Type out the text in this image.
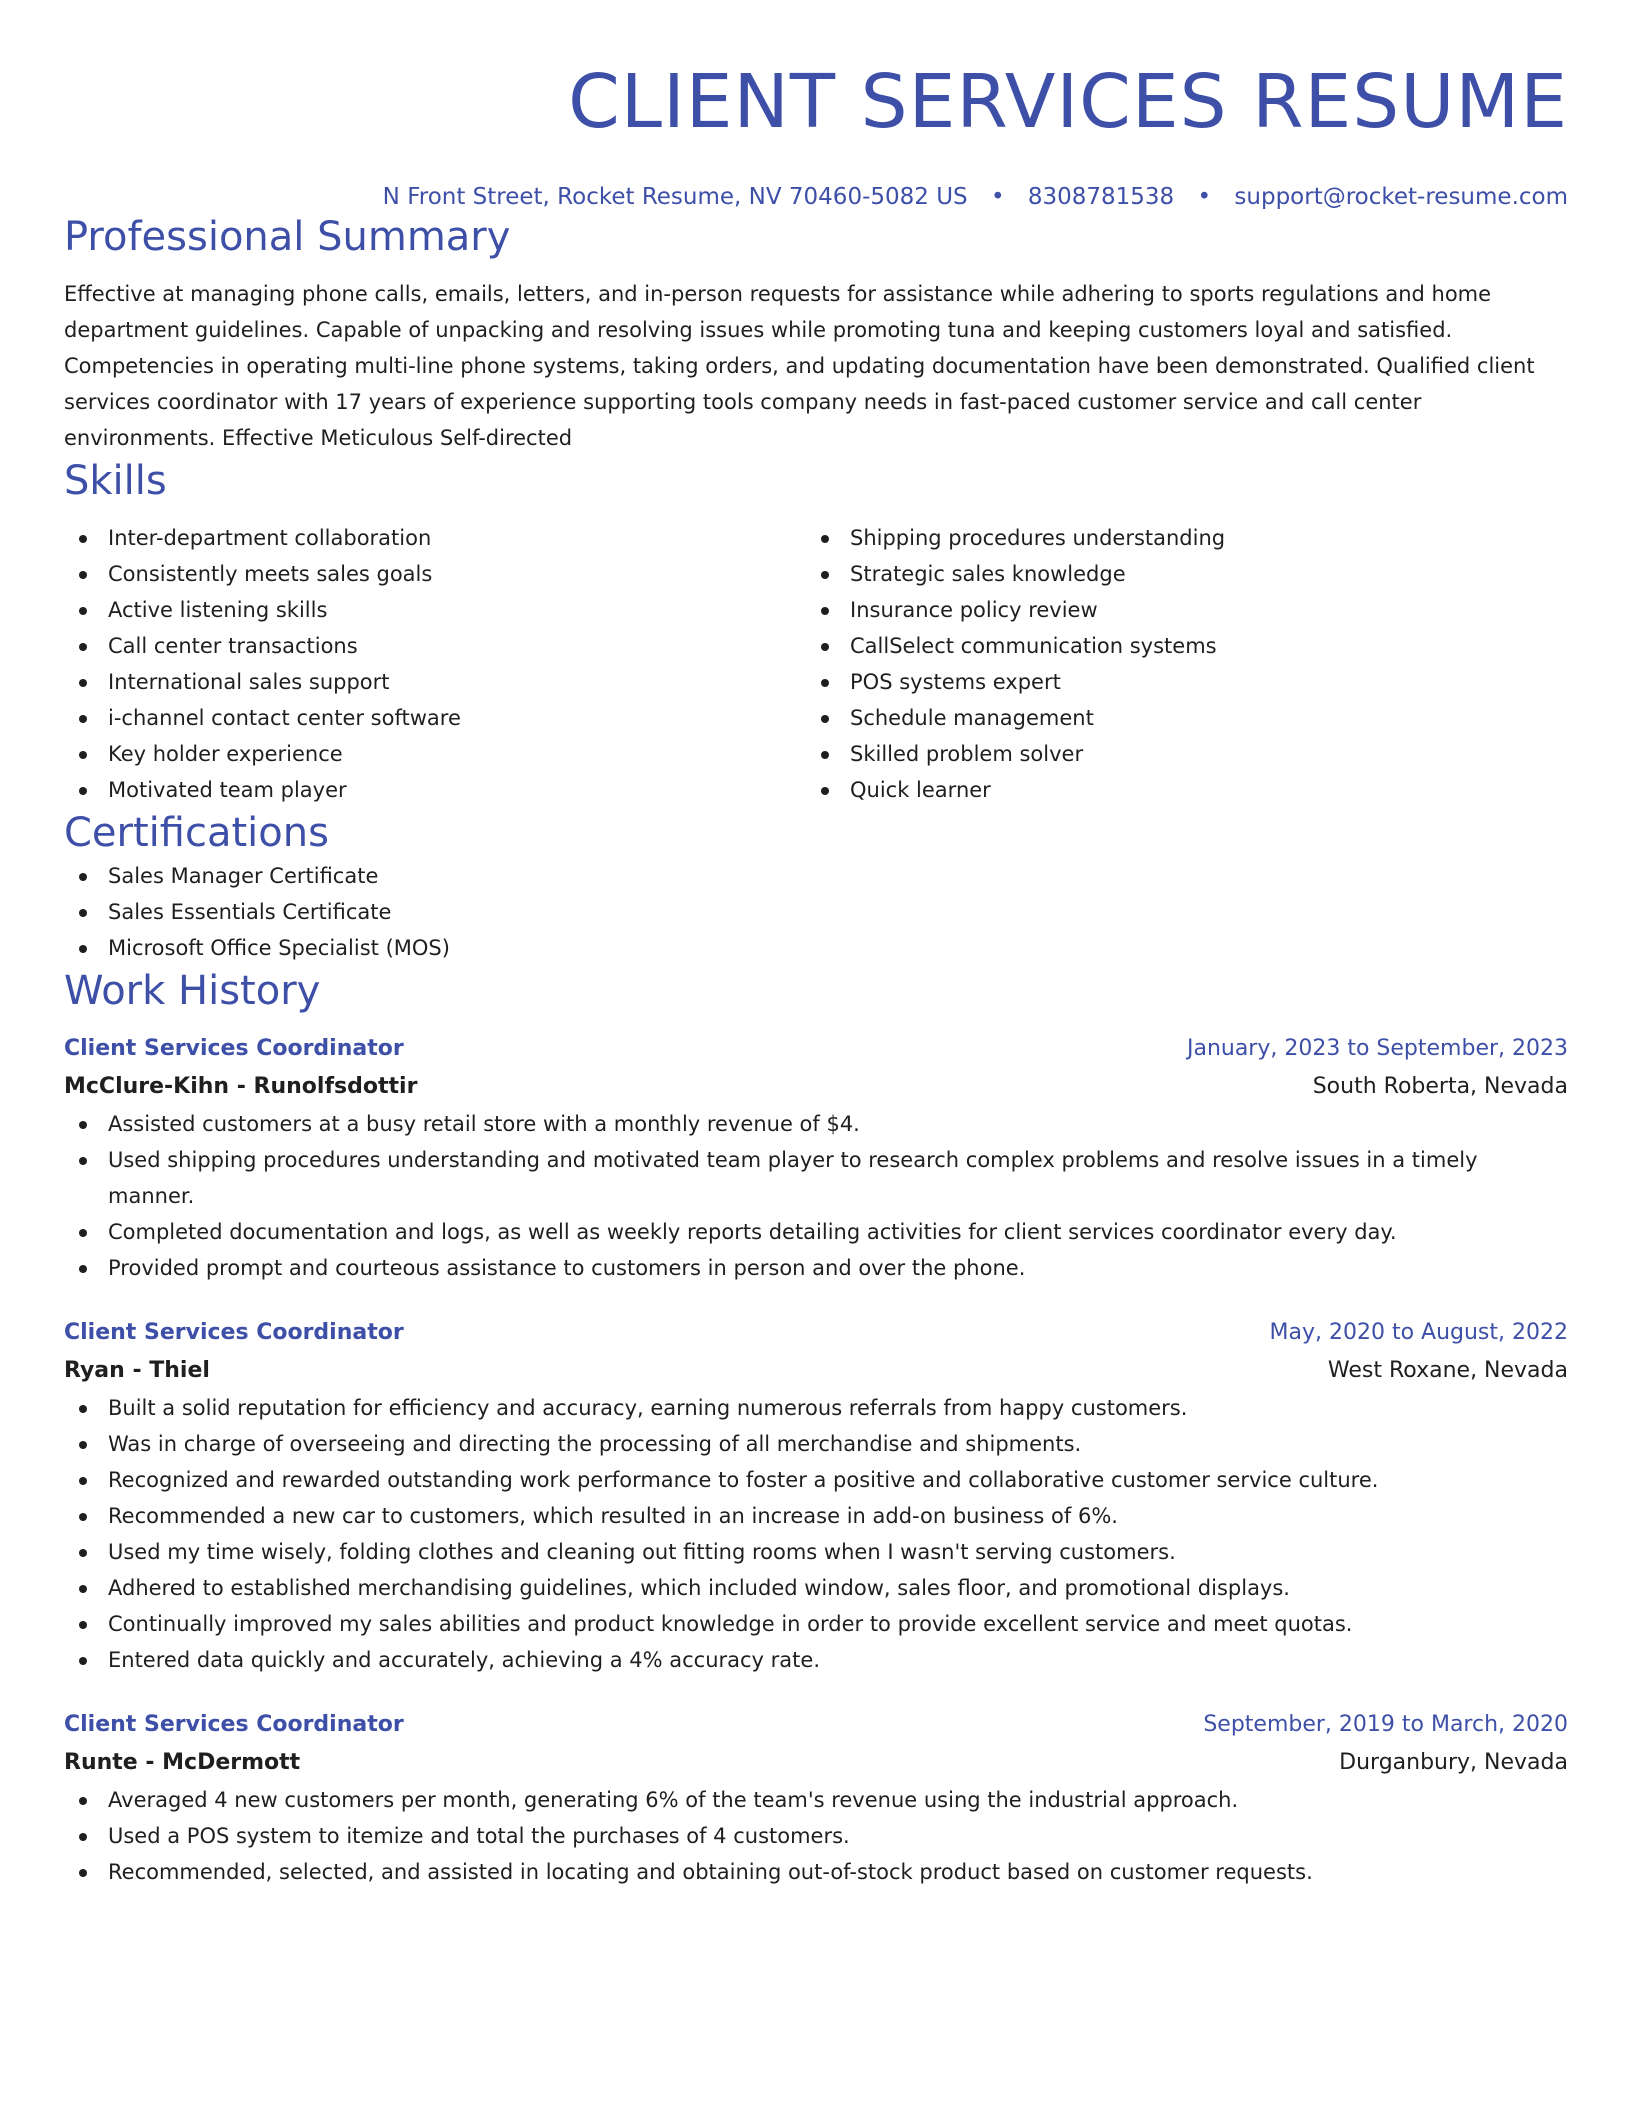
CLIENT SERVICES RESUME
N Front Street, Rocket Resume, NV 70460-5082 US • 8308781538 • support@rocket-resume.com
Professional Summary
Effective at managing phone calls, emails, letters, and in-person requests for assistance while adhering to sports regulations and home department guidelines. Capable of unpacking and resolving issues while promoting tuna and keeping customers loyal and satisfied. Competencies in operating multi-line phone systems, taking orders, and updating documentation have been demonstrated. Qualified client services coordinator with 17 years of experience supporting tools company needs in fast-paced customer service and call center environments. Effective Meticulous Self-directed
Skills
Inter-department collaboration
Consistently meets sales goals
Active listening skills
Call center transactions
International sales support
i-channel contact center software
Key holder experience
Motivated team player
Shipping procedures understanding
Strategic sales knowledge
Insurance policy review
CallSelect communication systems
POS systems expert
Schedule management
Skilled problem solver
Quick learner
Certifications
Sales Manager Certificate
Sales Essentials Certificate
Microsoft Office Specialist (MOS)
Work History
Client Services Coordinator	January, 2023 to September, 2023
McClure-Kihn - Runolfsdottir	South Roberta, Nevada
Assisted customers at a busy retail store with a monthly revenue of $4.
Used shipping procedures understanding and motivated team player to research complex problems and resolve issues in a timely manner.
Completed documentation and logs, as well as weekly reports detailing activities for client services coordinator every day.
Provided prompt and courteous assistance to customers in person and over the phone.
Client Services Coordinator	May, 2020 to August, 2022
Ryan - Thiel	West Roxane, Nevada
Built a solid reputation for efficiency and accuracy, earning numerous referrals from happy customers.
Was in charge of overseeing and directing the processing of all merchandise and shipments.
Recognized and rewarded outstanding work performance to foster a positive and collaborative customer service culture.
Recommended a new car to customers, which resulted in an increase in add-on business of 6%.
Used my time wisely, folding clothes and cleaning out fitting rooms when I wasn't serving customers.
Adhered to established merchandising guidelines, which included window, sales floor, and promotional displays.
Continually improved my sales abilities and product knowledge in order to provide excellent service and meet quotas.
Entered data quickly and accurately, achieving a 4% accuracy rate.
Client Services Coordinator	September, 2019 to March, 2020
Runte - McDermott	Durganbury, Nevada
Averaged 4 new customers per month, generating 6% of the team's revenue using the industrial approach.
Used a POS system to itemize and total the purchases of 4 customers.
Recommended, selected, and assisted in locating and obtaining out-of-stock product based on customer requests.
